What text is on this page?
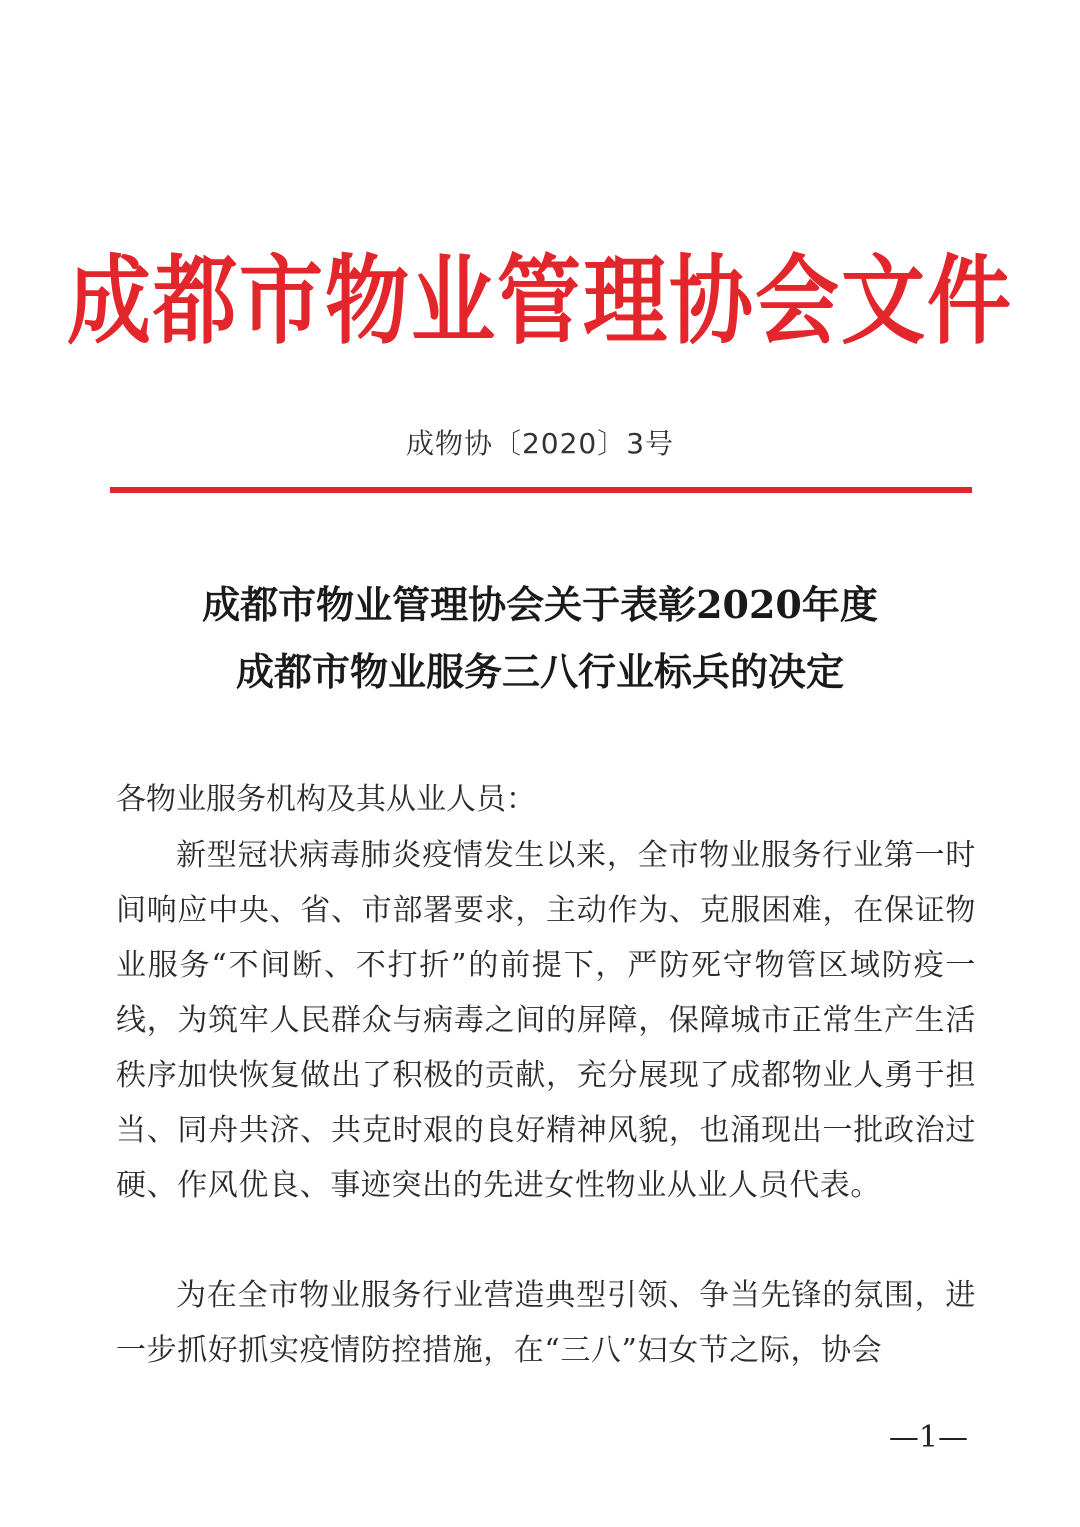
成都市物业管理协会文件
成物协〔2020〕3号
成都市物业管理协会关于表彰2020年度
成都市物业服务三八行业标兵的决定
各物业服务机构及其从业人员：
新型冠状病毒肺炎疫情发生以来，全市物业服务行业第一时间响应中央、省、市部署要求，主动作为、克服困难，在保证物业服务“不间断、不打折”的前提下，严防死守物管区域防疫一线，为筑牢人民群众与病毒之间的屏障，保障城市正常生产生活秩序加快恢复做出了积极的贡献，充分展现了成都物业人勇于担当、同舟共济、共克时艰的良好精神风貌，也涌现出一批政治过硬、作风优良、事迹突出的先进女性物业从业人员代表。
为在全市物业服务行业营造典型引领、争当先锋的氛围，进一步抓好抓实疫情防控措施，在“三八”妇女节之际，协会
—1—
